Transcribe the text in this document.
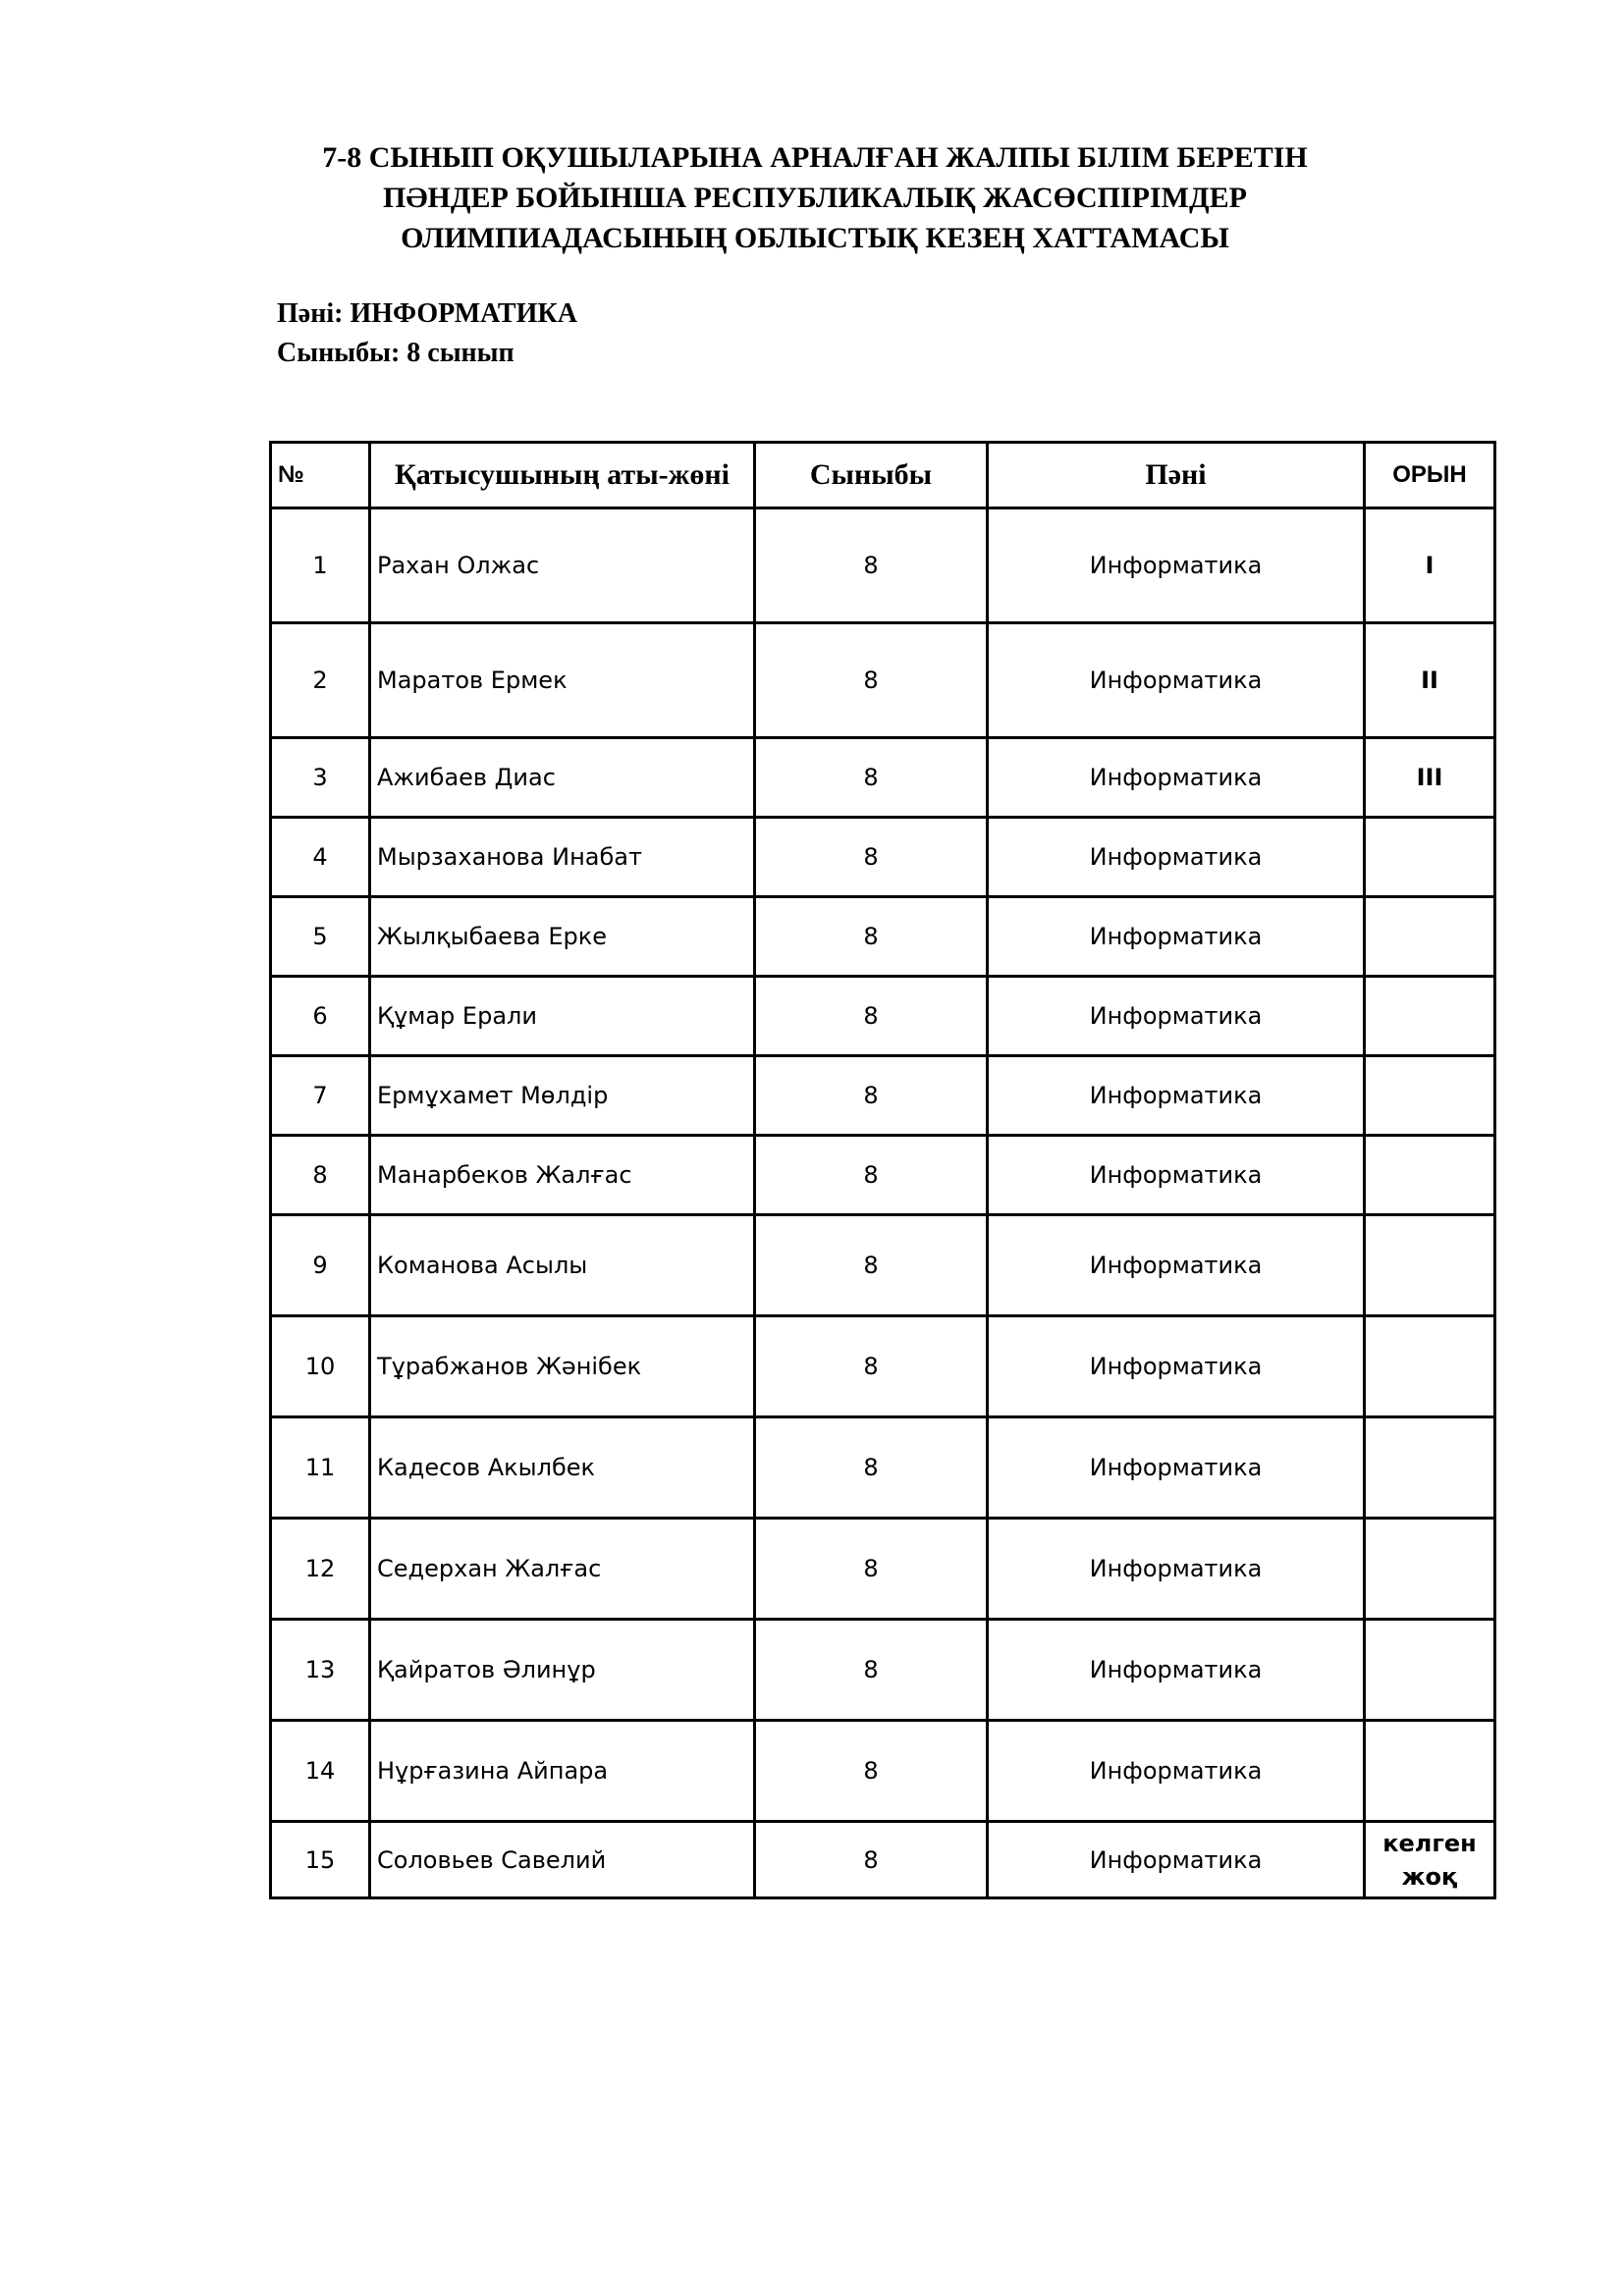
7-8 СЫНЫП ОҚУШЫЛАРЫНА АРНАЛҒАН ЖАЛПЫ БІЛІМ БЕРЕТІН
ПӘНДЕР БОЙЫНША РЕСПУБЛИКАЛЫҚ ЖАСӨСПІРІМДЕР
ОЛИМПИАДАСЫНЫҢ ОБЛЫСТЫҚ КЕЗЕҢ ХАТТАМАСЫ
Пәні: ИНФОРМАТИКА
Сыныбы: 8 сынып
№	Қатысушының аты-жөні	Сыныбы	Пәні	ОРЫН
1	Рахан Олжас	8	Информатика	I
2	Маратов Ермек	8	Информатика	II
3	Ажибаев Диас	8	Информатика	III
4	Мырзаханова Инабат	8	Информатика	
5	Жылқыбаева Ерке	8	Информатика	
6	Құмар Ерали	8	Информатика	
7	Ермұхамет Мөлдір	8	Информатика	
8	Манарбеков Жалғас	8	Информатика	
9	Команова Асылы	8	Информатика	
10	Тұрабжанов Жәнібек	8	Информатика	
11	Кадесов Акылбек	8	Информатика	
12	Седерхан Жалғас	8	Информатика	
13	Қайратов Әлинұр	8	Информатика	
14	Нұрғазина Айпара	8	Информатика	
15	Соловьев Савелий	8	Информатика	келген
жоқ
